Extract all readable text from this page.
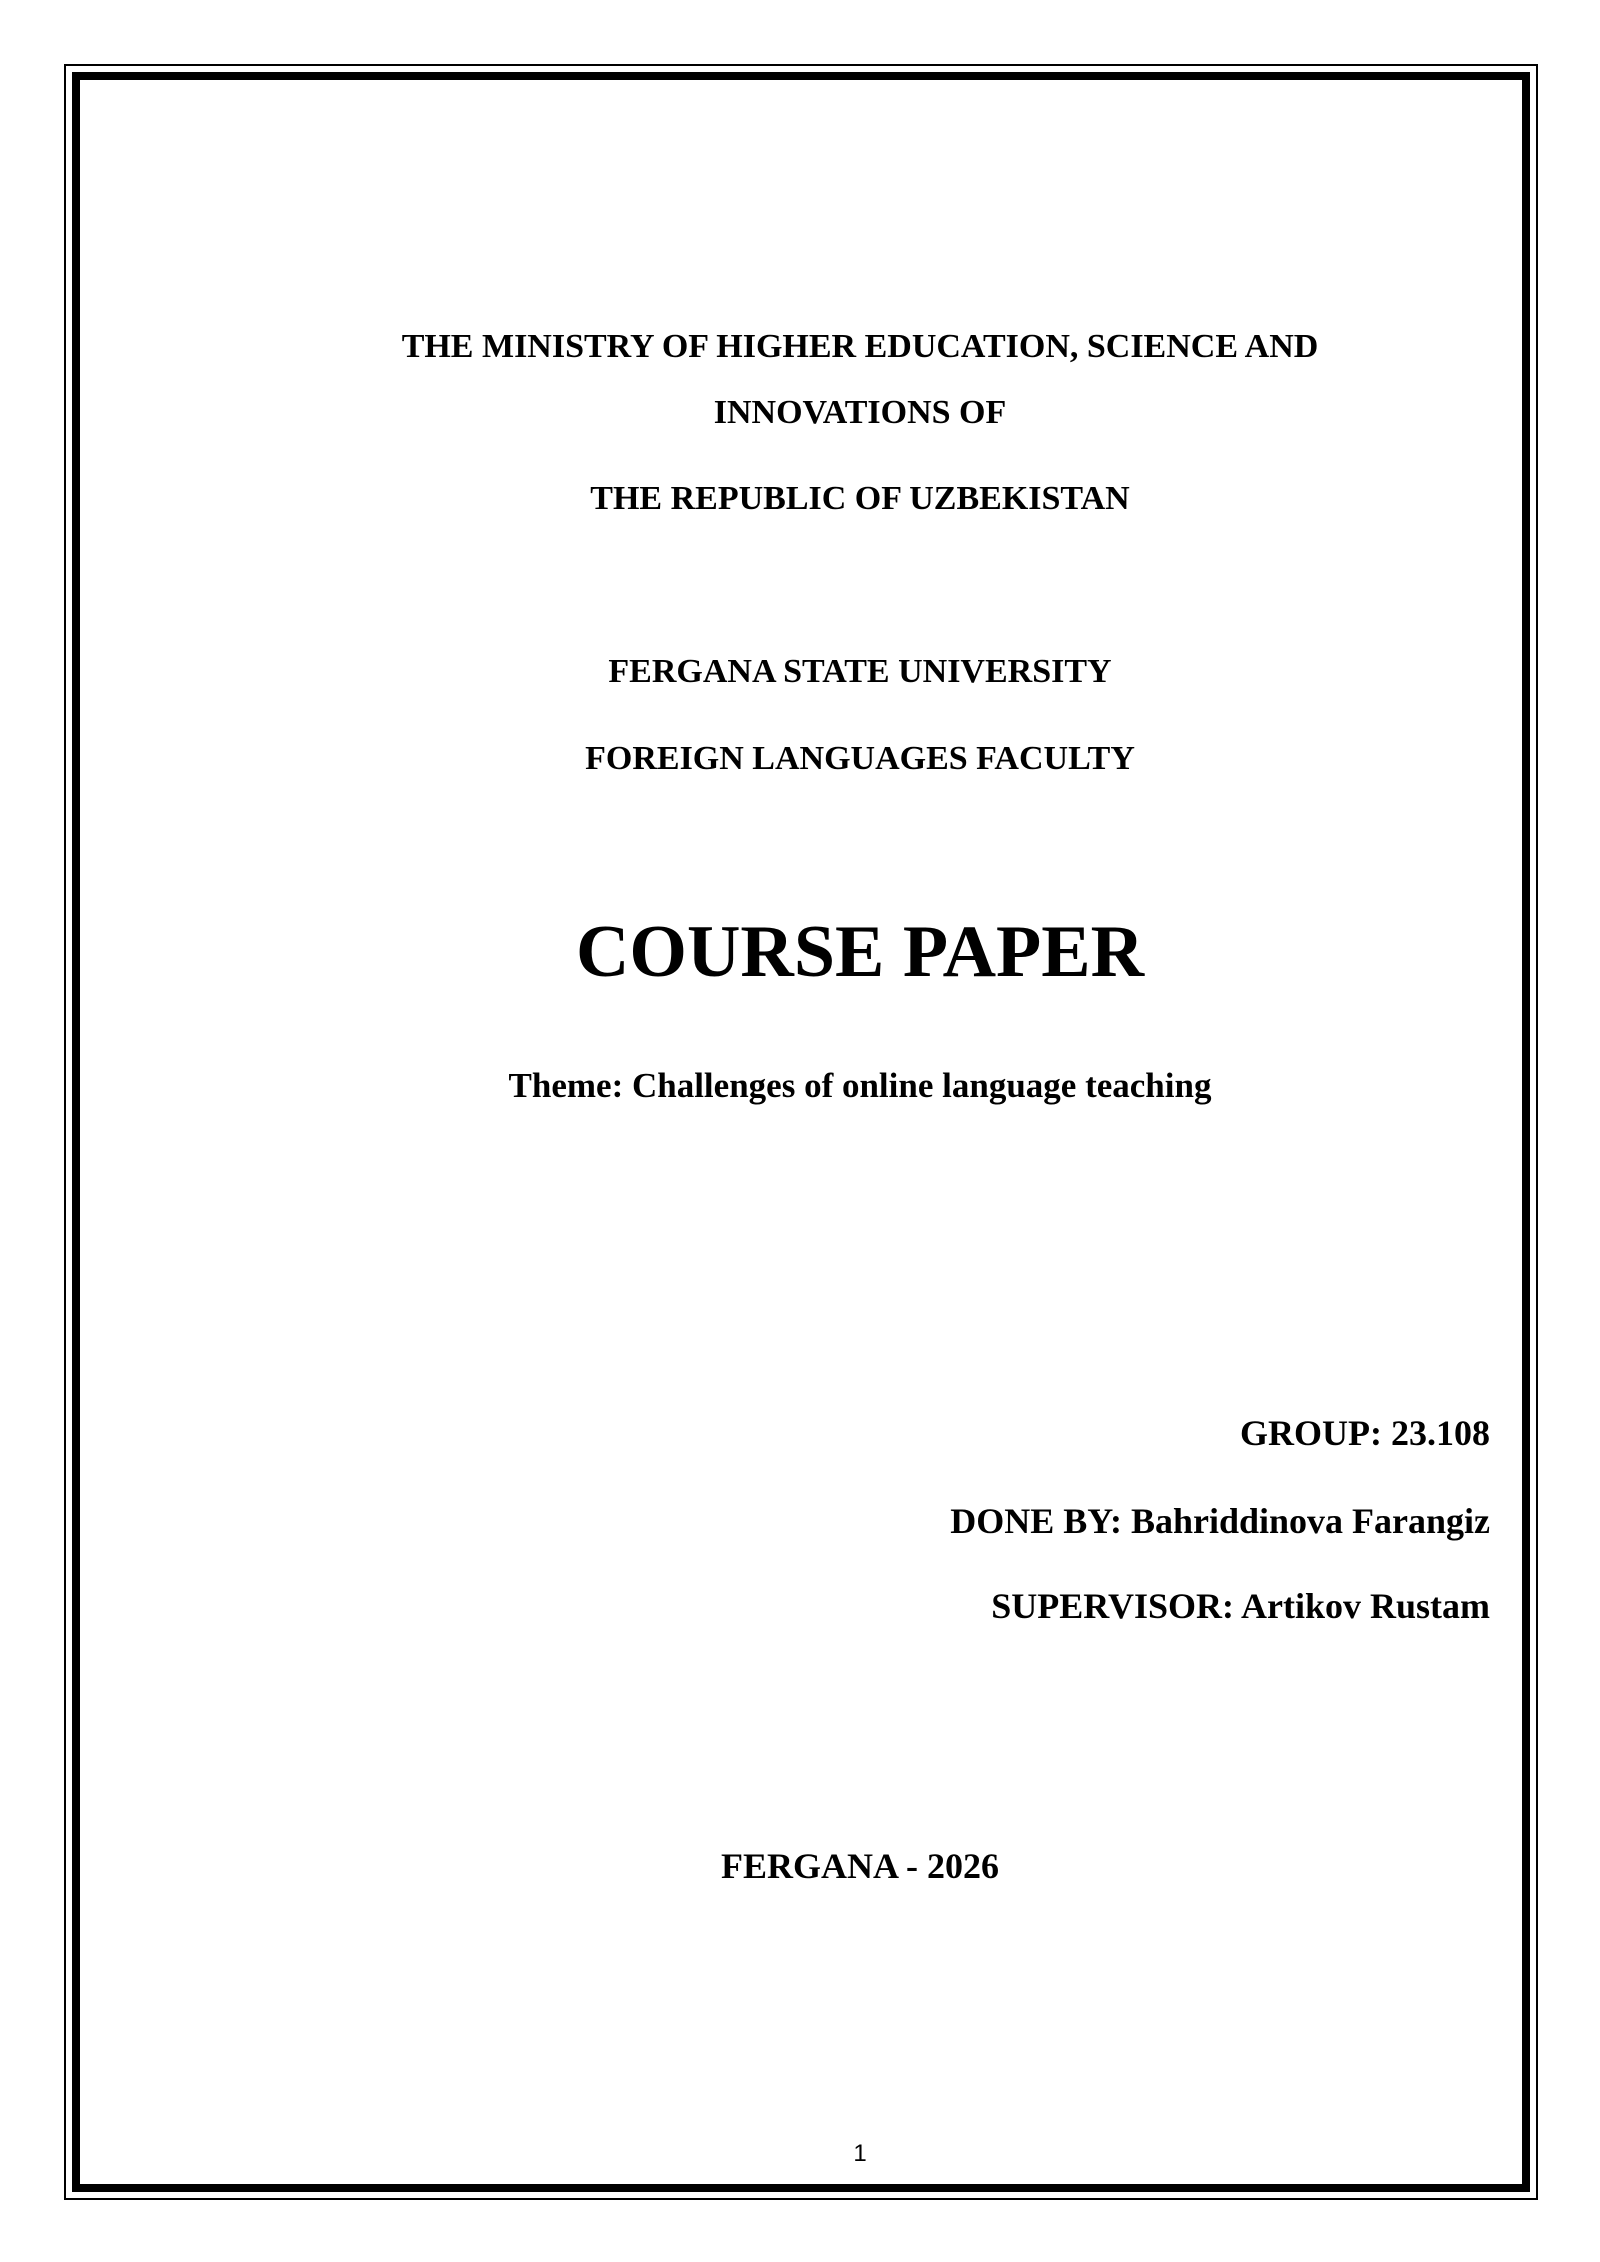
THE MINISTRY OF HIGHER EDUCATION, SCIENCE AND
INNOVATIONS OF
THE REPUBLIC OF UZBEKISTAN
FERGANA STATE UNIVERSITY
FOREIGN LANGUAGES FACULTY
COURSE PAPER
Theme: Challenges of online language teaching
GROUP: 23.108
DONE BY: Bahriddinova Farangiz
SUPERVISOR: Artikov Rustam
FERGANA - 2026
1
